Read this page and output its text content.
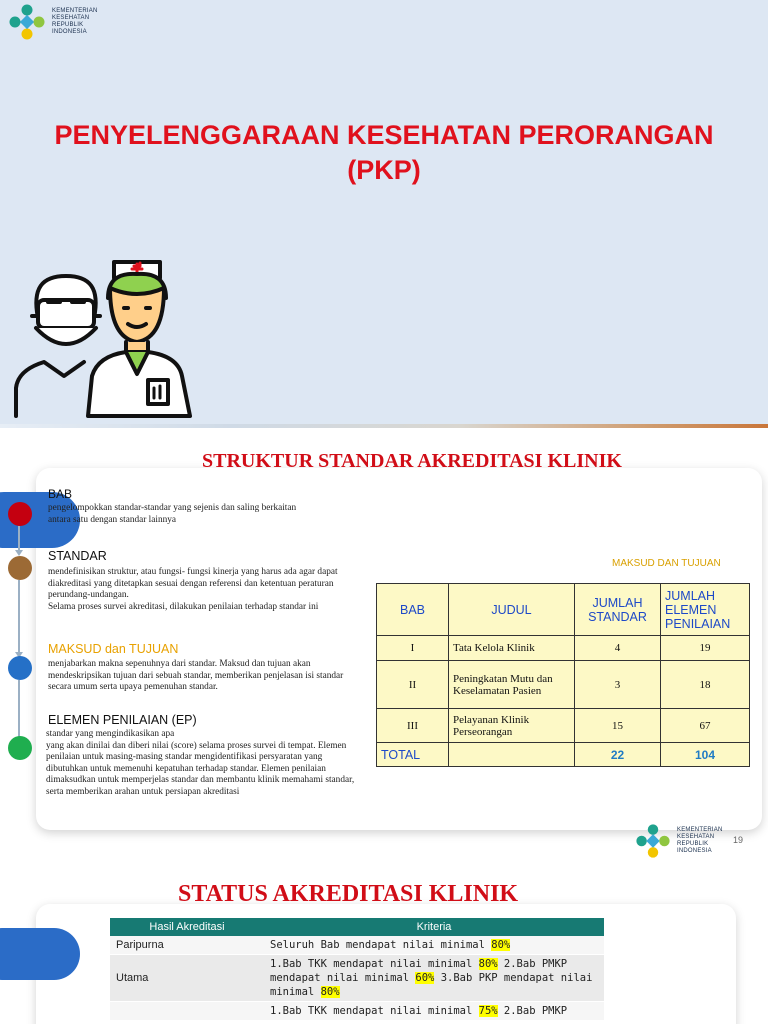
KEMENTERIAN
KESEHATAN
REPUBLIK
INDONESIA
PENYELENGGARAAN KESEHATAN PERORANGAN
(PKP)
STRUKTUR STANDAR AKREDITASI KLINIK
BAB
pengelompokkan standar-standar yang sejenis dan saling berkaitan antara satu dengan standar lainnya
STANDAR
mendefinisikan struktur, atau fungsi- fungsi kinerja yang harus ada agar dapat diakreditasi yang ditetapkan sesuai dengan referensi dan ketentuan peraturan perundang-undangan.
Selama proses survei akreditasi, dilakukan penilaian terhadap standar ini
MAKSUD dan TUJUAN
menjabarkan makna sepenuhnya dari standar. Maksud dan tujuan akan mendeskripsikan tujuan dari sebuah standar, memberikan penjelasan isi standar secara umum serta upaya pemenuhan standar.
ELEMEN PENILAIAN (EP)
standar yang mengindikasikan apa
yang akan dinilai dan diberi nilai (score) selama proses survei di tempat. Elemen penilaian untuk masing-masing standar mengidentifikasi persyaratan yang dibutuhkan untuk memenuhi kepatuhan terhadap standar. Elemen penilaian dimaksudkan untuk memperjelas standar dan membantu klinik memahami standar, serta memberikan arahan untuk persiapan akreditasi
MAKSUD DAN TUJUAN
BAB	JUDUL	JUMLAH STANDAR	JUMLAH ELEMEN PENILAIAN
I	Tata Kelola Klinik	4	19
II	Peningkatan Mutu dan Keselamatan Pasien	3	18
III	Pelayanan Klinik Perseorangan	15	67
TOTAL		22	104
KEMENTERIAN
KESEHATAN
REPUBLIK
INDONESIA
19
STATUS AKREDITASI KLINIK
Hasil Akreditasi	Kriteria
Paripurna	Seluruh Bab mendapat nilai minimal 80%
Utama	1.Bab TKK mendapat nilai minimal 80% 2.Bab PMKP mendapat nilai minimal 60% 3.Bab PKP mendapat nilai minimal 80%
	1.Bab TKK mendapat nilai minimal 75% 2.Bab PMKP
